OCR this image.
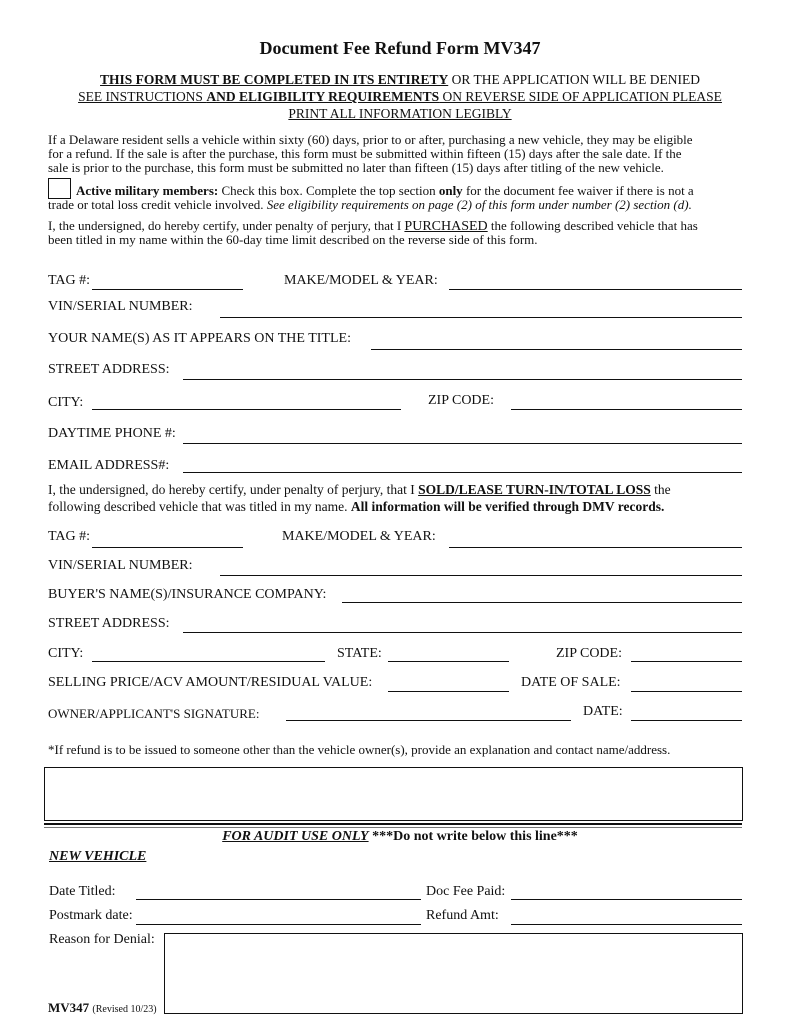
Document Fee Refund Form MV347
THIS FORM MUST BE COMPLETED IN ITS ENTIRETY OR THE APPLICATION WILL BE DENIED
SEE INSTRUCTIONS AND ELIGIBILITY REQUIREMENTS ON REVERSE SIDE OF APPLICATION PLEASE
PRINT ALL INFORMATION LEGIBLY
If a Delaware resident sells a vehicle within sixty (60) days, prior to or after, purchasing a new vehicle, they may be eligible
for a refund. If the sale is after the purchase, this form must be submitted within fifteen (15) days after the sale date. If the
sale is prior to the purchase, this form must be submitted no later than fifteen (15) days after titling of the new vehicle.
Active military members: Check this box. Complete the top section only for the document fee waiver if there is not a
trade or total loss credit vehicle involved. See eligibility requirements on page (2) of this form under number (2) section (d).
I, the undersigned, do hereby certify, under penalty of perjury, that I PURCHASED the following described vehicle that has
been titled in my name within the 60-day time limit described on the reverse side of this form.
TAG #:	MAKE/MODEL & YEAR:
VIN/SERIAL NUMBER:
YOUR NAME(S) AS IT APPEARS ON THE TITLE:
STREET ADDRESS:
CITY:	ZIP CODE:
DAYTIME PHONE #:
EMAIL ADDRESS#:
I, the undersigned, do hereby certify, under penalty of perjury, that I SOLD/LEASE TURN-IN/TOTAL LOSS the
following described vehicle that was titled in my name. All information will be verified through DMV records.
TAG #:	MAKE/MODEL & YEAR:
VIN/SERIAL NUMBER:
BUYER'S NAME(S)/INSURANCE COMPANY:
STREET ADDRESS:
CITY:	STATE:	ZIP CODE:
SELLING PRICE/ACV AMOUNT/RESIDUAL VALUE:	DATE OF SALE:
OWNER/APPLICANT'S SIGNATURE:	DATE:
*If refund is to be issued to someone other than the vehicle owner(s), provide an explanation and contact name/address.
FOR AUDIT USE ONLY ***Do not write below this line***
NEW VEHICLE
Date Titled:	Doc Fee Paid:
Postmark date:	Refund Amt:
Reason for Denial:
MV347 (Revised 10/23)
